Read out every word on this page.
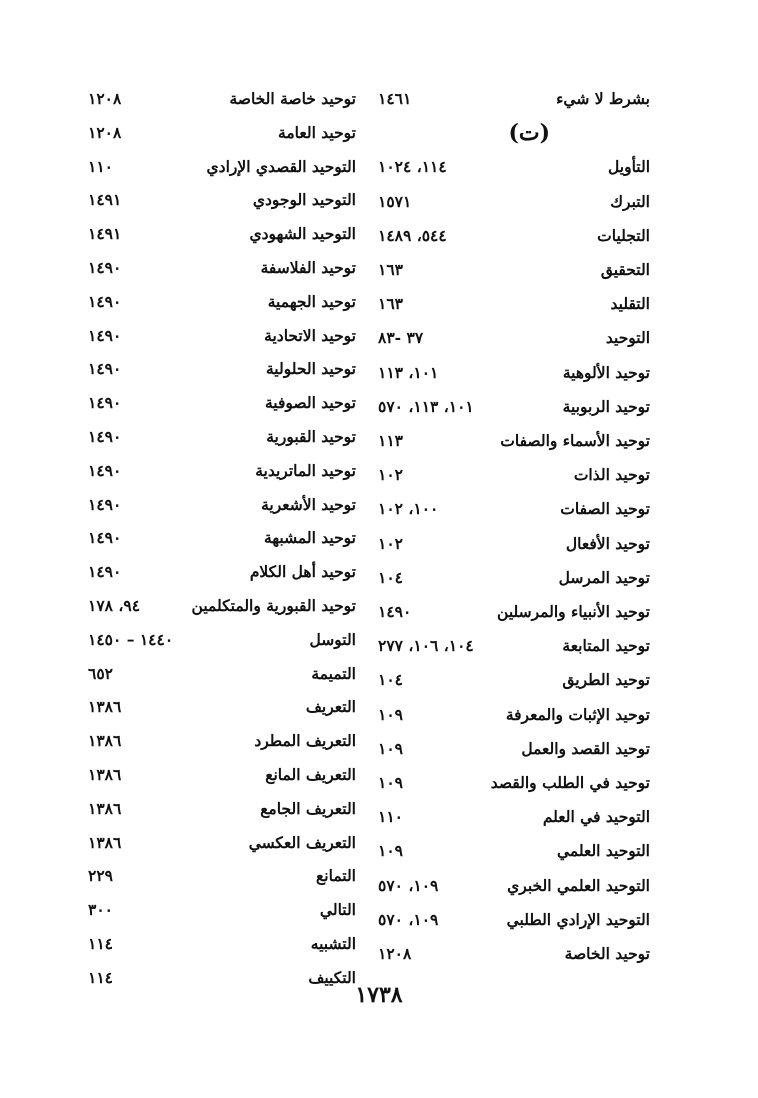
بشرط لا شيء
١٤٦١
(ت)
التأويل
١١٤، ١٠٢٤
التبرك
١٥٧١
التجليات
٥٤٤، ١٤٨٩
التحقيق
١٦٣
التقليد
١٦٣
التوحيد
٣٧ -٨٣
توحيد الألوهية
١٠١، ١١٣
توحيد الربوبية
١٠١، ١١٣، ٥٧٠
توحيد الأسماء والصفات
١١٣
توحيد الذات
١٠٢
توحيد الصفات
١٠٠، ١٠٢
توحيد الأفعال
١٠٢
توحيد المرسل
١٠٤
توحيد الأنبياء والمرسلين
١٤٩٠
توحيد المتابعة
١٠٤، ١٠٦، ٢٧٧
توحيد الطريق
١٠٤
توحيد الإثبات والمعرفة
١٠٩
توحيد القصد والعمل
١٠٩
توحيد في الطلب والقصد
١٠٩
التوحيد في العلم
١١٠
التوحيد العلمي
١٠٩
التوحيد العلمي الخبري
١٠٩، ٥٧٠
التوحيد الإرادي الطلبي
١٠٩، ٥٧٠
توحيد الخاصة
١٢٠٨
توحيد خاصة الخاصة
١٢٠٨
توحيد العامة
١٢٠٨
التوحيد القصدي الإرادي
١١٠
التوحيد الوجودي
١٤٩١
التوحيد الشهودي
١٤٩١
توحيد الفلاسفة
١٤٩٠
توحيد الجهمية
١٤٩٠
توحيد الاتحادية
١٤٩٠
توحيد الحلولية
١٤٩٠
توحيد الصوفية
١٤٩٠
توحيد القبورية
١٤٩٠
توحيد الماتريدية
١٤٩٠
توحيد الأشعرية
١٤٩٠
توحيد المشبهة
١٤٩٠
توحيد أهل الكلام
١٤٩٠
توحيد القبورية والمتكلمين
٩٤، ١٧٨
التوسل
١٤٤٠ – ١٤٥٠
التميمة
٦٥٢
التعريف
١٣٨٦
التعريف المطرد
١٣٨٦
التعريف المانع
١٣٨٦
التعريف الجامع
١٣٨٦
التعريف العكسي
١٣٨٦
التمانع
٢٢٩
التالي
٣٠٠
التشبيه
١١٤
التكييف
١١٤
١٧٣٨
